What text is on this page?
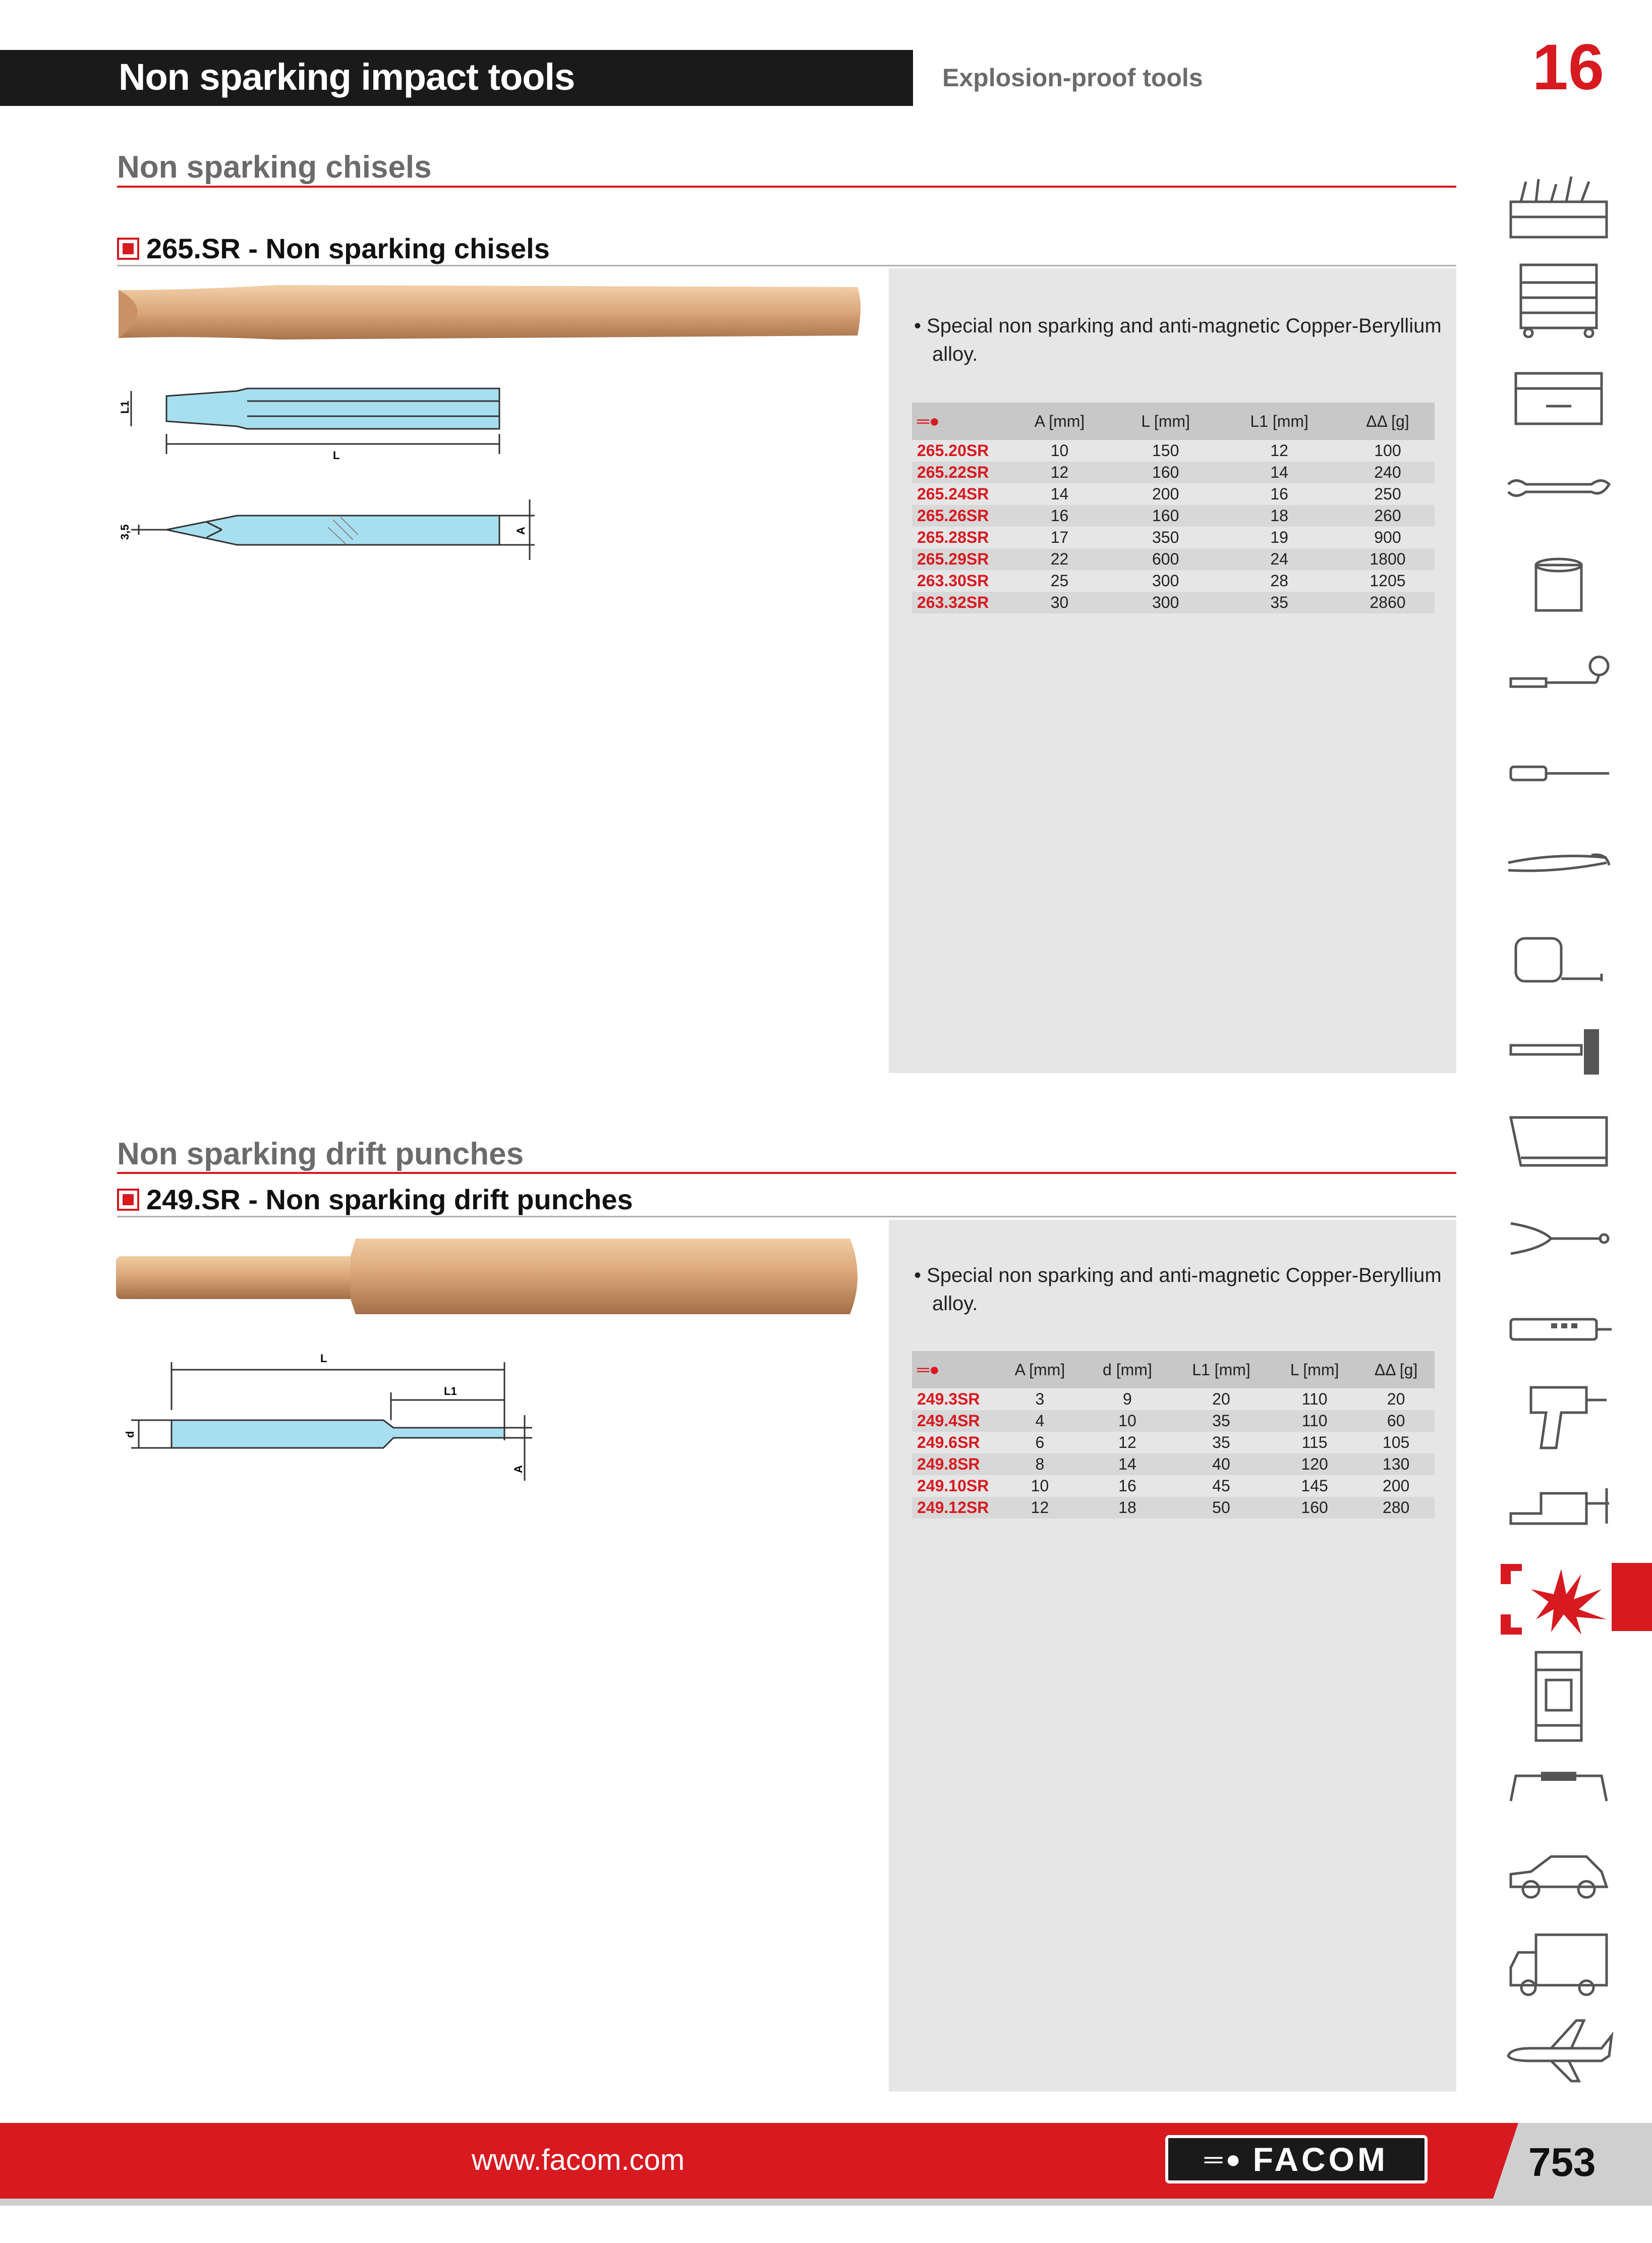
Non sparking impact tools	Explosion-proof tools	16
Non sparking chisels
265.SR - Non sparking chisels
L1
L
3,5	A
• Special non sparking and anti-magnetic Copper-Beryllium
alloy.
═●	A [mm]	L [mm]	L1 [mm]	ΔΔ [g]
265.20SR	10	150	12	100
265.22SR	12	160	14	240
265.24SR	14	200	16	250
265.26SR	16	160	18	260
265.28SR	17	350	19	900
265.29SR	22	600	24	1800
263.30SR	25	300	28	1205
263.32SR	30	300	35	2860
Non sparking drift punches
249.SR - Non sparking drift punches
L
L1
d
A
• Special non sparking and anti-magnetic Copper-Beryllium
alloy.
═●	A [mm]	d [mm]	L1 [mm]	L [mm]	ΔΔ [g]
249.3SR	3	9	20	110	20
249.4SR	4	10	35	110	60
249.6SR	6	12	35	115	105
249.8SR	8	14	40	120	130
249.10SR	10	16	45	145	200
249.12SR	12	18	50	160	280
www.facom.com	═● FACOM	753
